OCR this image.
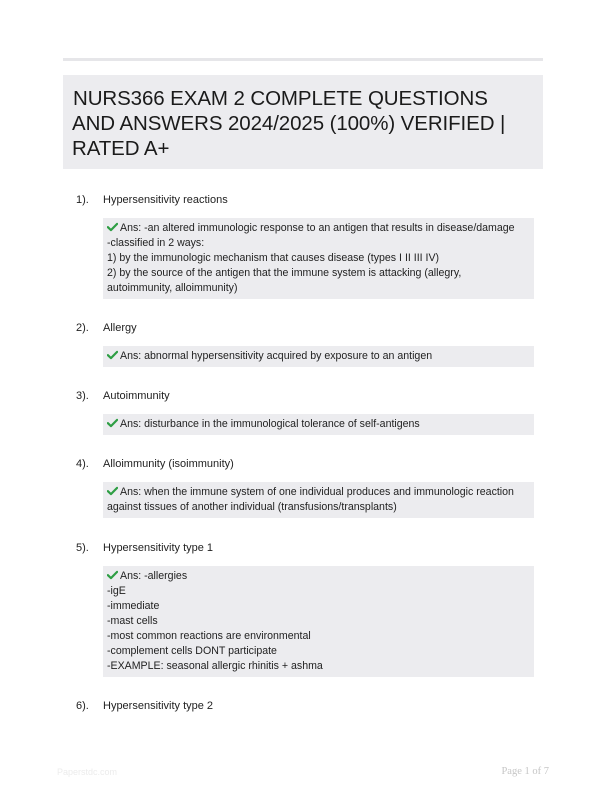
NURS366 EXAM 2 COMPLETE QUESTIONS AND ANSWERS 2024/2025 (100%) VERIFIED | RATED A+
1). Hypersensitivity reactions
Ans: -an altered immunologic response to an antigen that results in disease/damage
-classified in 2 ways:
1) by the immunologic mechanism that causes disease (types I II III IV)
2) by the source of the antigen that the immune system is attacking (allegry,
autoimmunity, alloimmunity)
2). Allergy
Ans: abnormal hypersensitivity acquired by exposure to an antigen
3). Autoimmunity
Ans: disturbance in the immunological tolerance of self-antigens
4). Alloimmunity (isoimmunity)
Ans: when the immune system of one individual produces and immunologic reaction
against tissues of another individual (transfusions/transplants)
5). Hypersensitivity type 1
Ans: -allergies
-igE
-immediate
-mast cells
-most common reactions are environmental
-complement cells DONT participate
-EXAMPLE: seasonal allergic rhinitis + ashma
6). Hypersensitivity type 2
Paperstdc.com	Page 1 of 7
